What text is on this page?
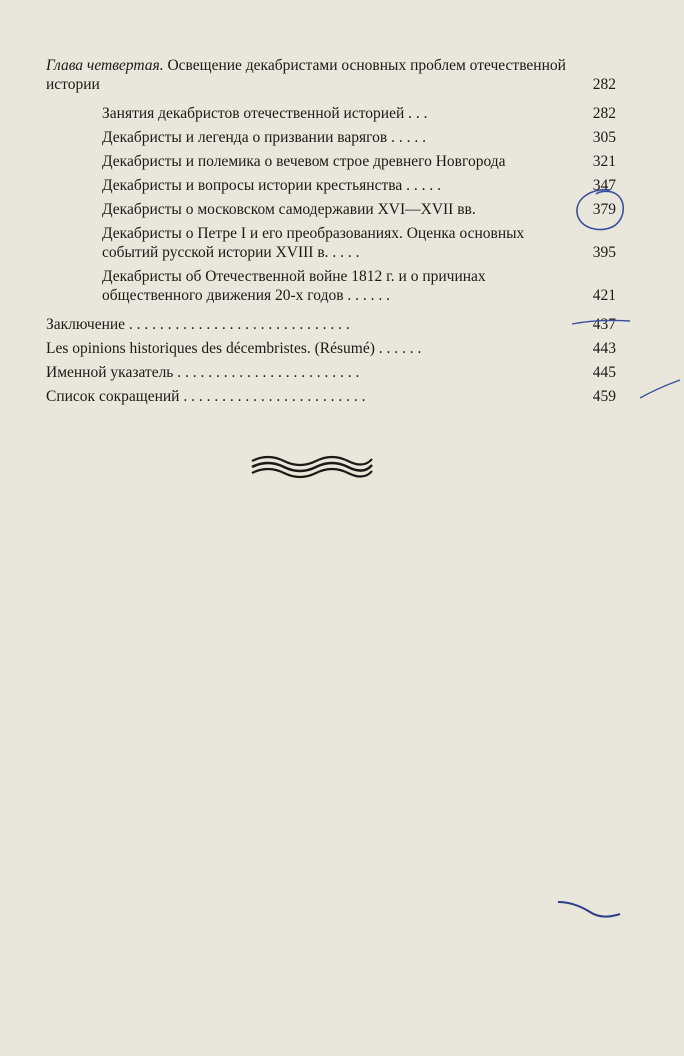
Глава четвертая. Освещение декабристами основных проблем отечественной истории	282
Занятия декабристов отечественной историей . . .	282
Декабристы и легенда о призвании варягов . . . . .	305
Декабристы и полемика о вечевом строе древнего Новгорода	321
Декабристы и вопросы истории крестьянства . . . . .	347
Декабристы о московском самодержавии XVI—XVII вв.	379
Декабристы о Петре I и его преобразованиях. Оценка основных событий русской истории XVIII в. . . . .	395
Декабристы об Отечественной войне 1812 г. и о причинах общественного движения 20-х годов . . . . . .	421
Заключение . . . . . . . . . . . . . . . . . . . . . . . . . . . . .	437
Les opinions historiques des décembristes. (Résumé) . . . . . .	443
Именной указатель . . . . . . . . . . . . . . . . . . . . . . . .	445
Список сокращений . . . . . . . . . . . . . . . . . . . . . . . .	459
